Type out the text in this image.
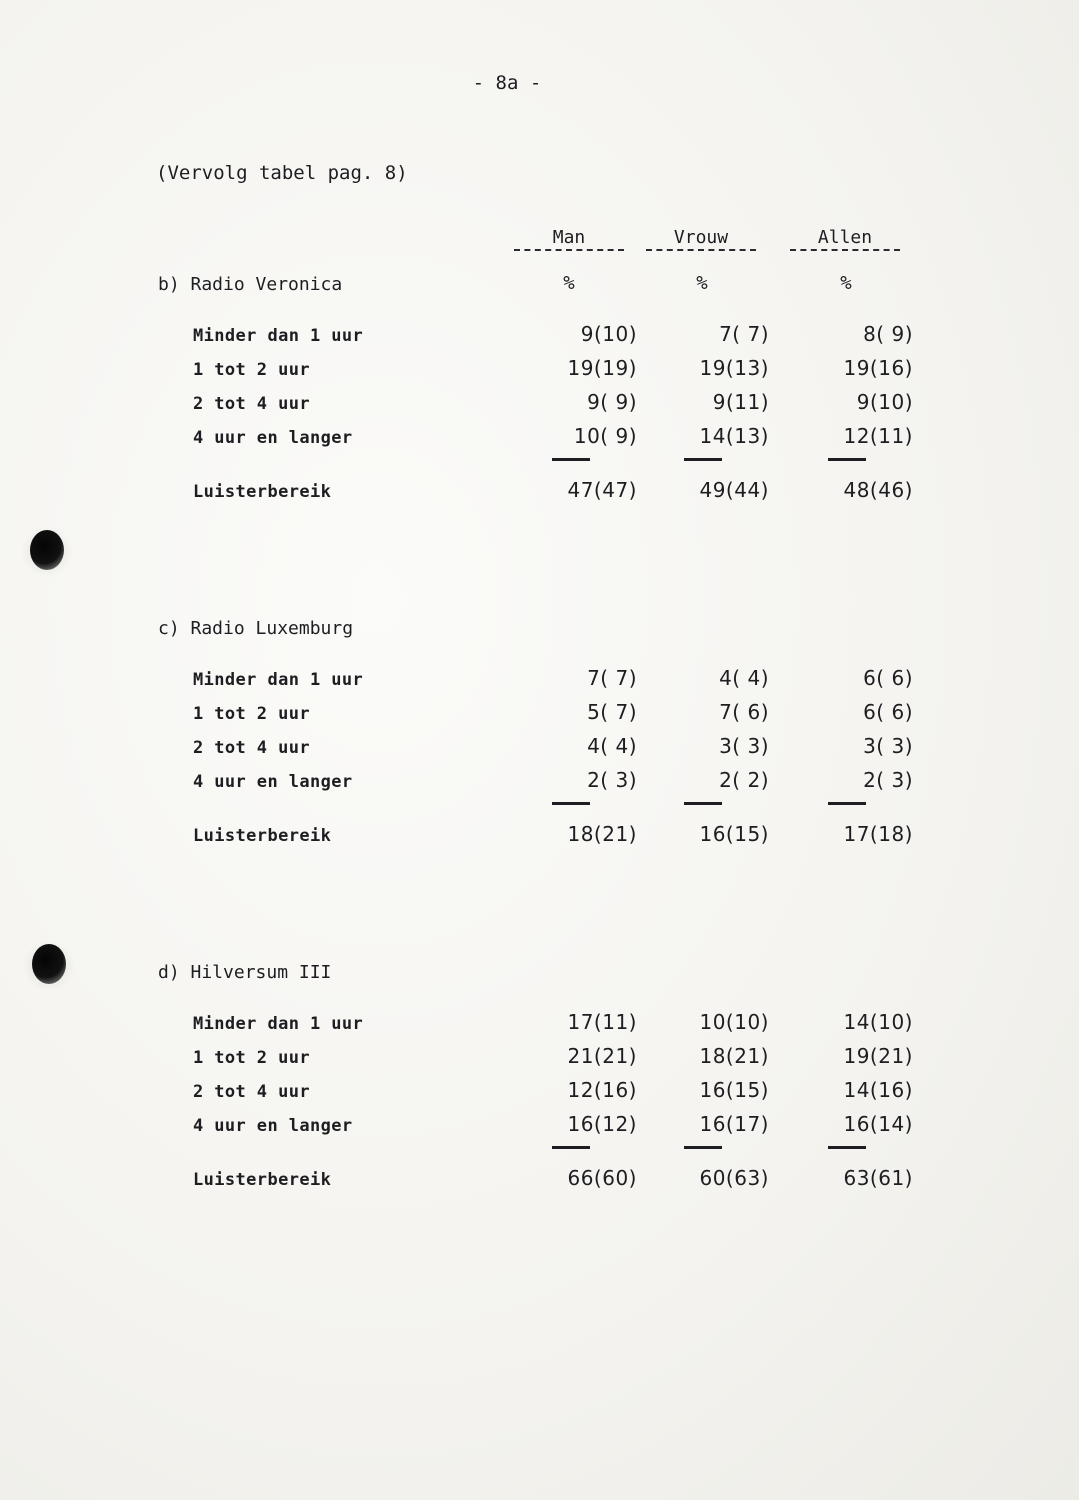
- 8a -
(Vervolg tabel pag. 8)
Man	Vrouw	Allen
%	%	%
b) Radio Veronica
Minder dan 1 uur	9(10)	7( 7)	8( 9)
1 tot 2 uur	19(19)	19(13)	19(16)
2 tot 4 uur	9( 9)	9(11)	9(10)
4 uur en langer	10( 9)	14(13)	12(11)
Luisterbereik	47(47)	49(44)	48(46)
c) Radio Luxemburg
Minder dan 1 uur	7( 7)	4( 4)	6( 6)
1 tot 2 uur	5( 7)	7( 6)	6( 6)
2 tot 4 uur	4( 4)	3( 3)	3( 3)
4 uur en langer	2( 3)	2( 2)	2( 3)
Luisterbereik	18(21)	16(15)	17(18)
d) Hilversum III
Minder dan 1 uur	17(11)	10(10)	14(10)
1 tot 2 uur	21(21)	18(21)	19(21)
2 tot 4 uur	12(16)	16(15)	14(16)
4 uur en langer	16(12)	16(17)	16(14)
Luisterbereik	66(60)	60(63)	63(61)
